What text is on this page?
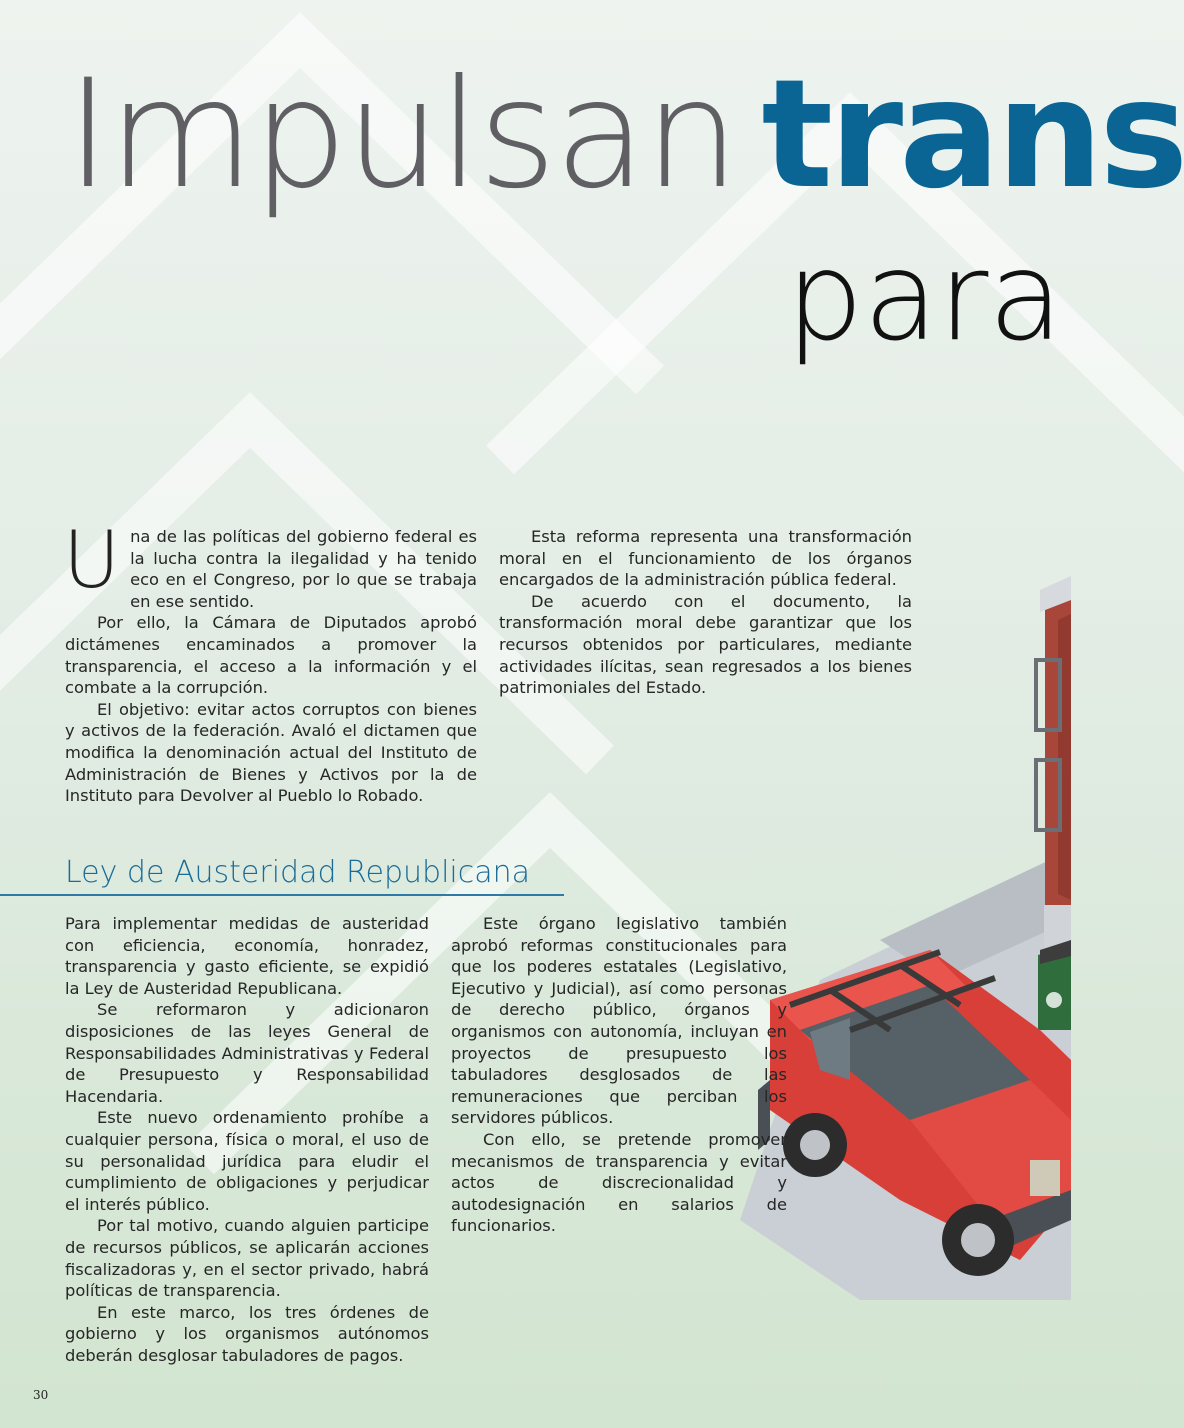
Impulsan trans
para

Una de las políticas del gobierno federal es la lucha contra la ilegalidad y ha tenido eco en el Congreso, por lo que se trabaja en ese sentido.

Por ello, la Cámara de Diputados aprobó dictámenes encaminados a promover la transparencia, el acceso a la información y el combate a la corrupción.

El objetivo: evitar actos corruptos con bienes y activos de la federación. Avaló el dictamen que modifica la denominación actual del Instituto de Administración de Bienes y Activos por la de Instituto para Devolver al Pueblo lo Robado.

Esta reforma representa una transformación moral en el funcionamiento de los órganos encargados de la administración pública federal.

De acuerdo con el documento, la transformación moral debe garantizar que los recursos obtenidos por particulares, mediante actividades ilícitas, sean regresados a los bienes patrimoniales del Estado.

Ley de Austeridad Republicana

Para implementar medidas de austeridad con eficiencia, economía, honradez, transparencia y gasto eficiente, se expidió la Ley de Austeridad Republicana.

Se reformaron y adicionaron disposiciones de las leyes General de Responsabilidades Administrativas y Federal de Presupuesto y Responsabilidad Hacendaria.

Este nuevo ordenamiento prohíbe a cualquier persona, física o moral, el uso de su personalidad jurídica para eludir el cumplimiento de obligaciones y perjudicar el interés público.

Por tal motivo, cuando alguien participe de recursos públicos, se aplicarán acciones fiscalizadoras y, en el sector privado, habrá políticas de transparencia.

En este marco, los tres órdenes de gobierno y los organismos autónomos deberán desglosar tabuladores de pagos.

Este órgano legislativo también aprobó reformas constitucionales para que los poderes estatales (Legislativo, Ejecutivo y Judicial), así como personas de derecho público, órganos y organismos con autonomía, incluyan en proyectos de presupuesto los tabuladores desglosados de las remuneraciones que perciban los servidores públicos.

Con ello, se pretende promover mecanismos de transparencia y evitar actos de discrecionalidad y autodesignación en salarios de funcionarios.

30
